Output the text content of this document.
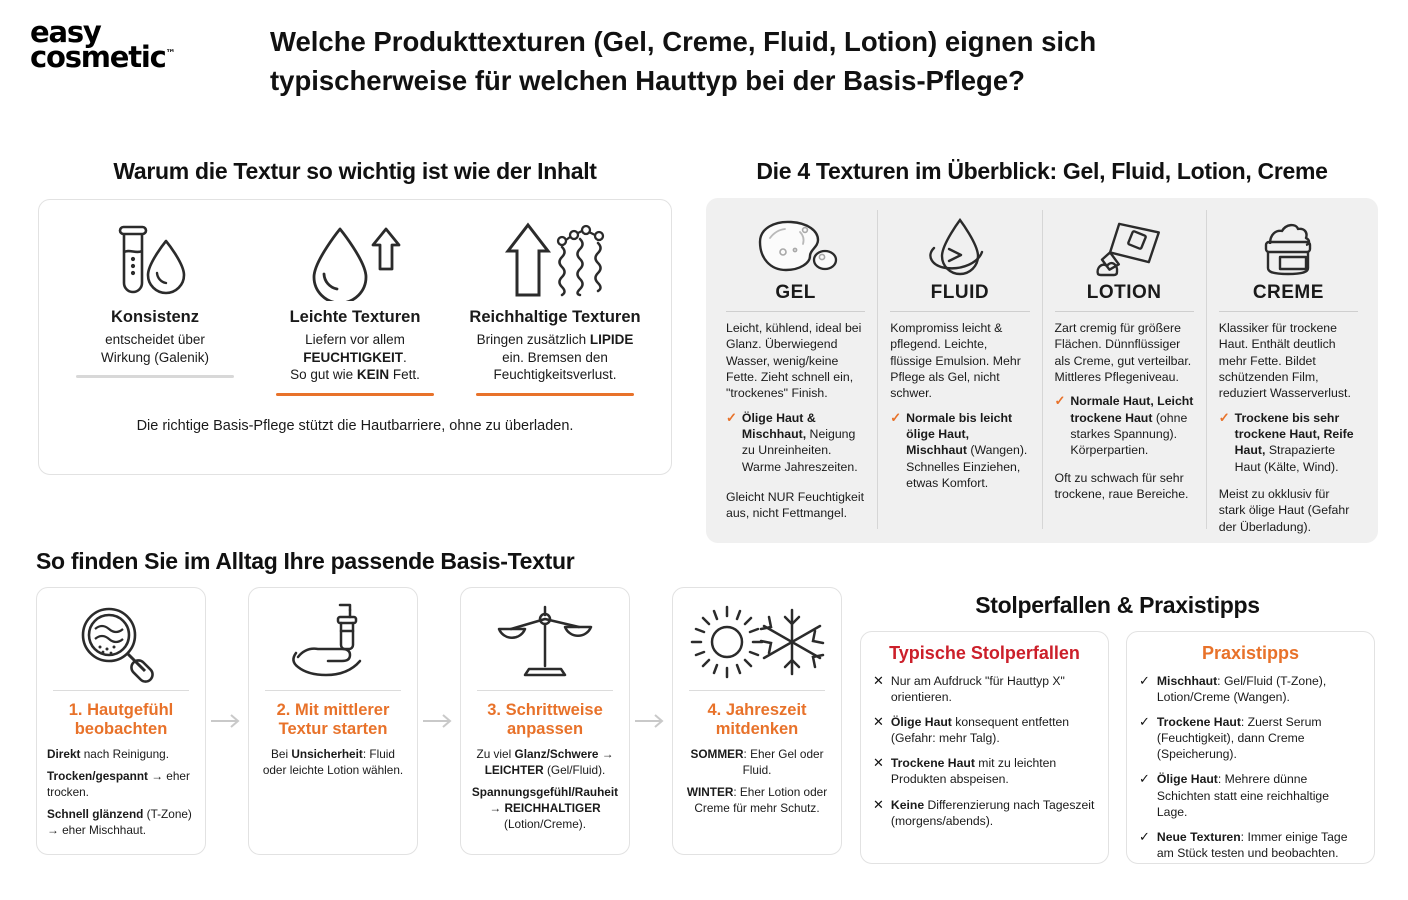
easy
cosmetic™	Welche Produkttexturen (Gel, Creme, Fluid, Lotion) eignen sich typischerweise für welchen Hauttyp bei der Basis-Pflege?
Warum die Textur so wichtig ist wie der Inhalt
Konsistenz
entscheidet über
Wirkung (Galenik)
Leichte Texturen
Liefern vor allem
FEUCHTIGKEIT.
So gut wie KEIN Fett.
Reichhaltige Texturen
Bringen zusätzlich LIPIDE
ein. Bremsen den
Feuchtigkeitsverlust.
Die richtige Basis-Pflege stützt die Hautbarriere, ohne zu überladen.
Die 4 Texturen im Überblick: Gel, Fluid, Lotion, Creme
GEL
Leicht, kühlend, ideal bei Glanz. Überwiegend Wasser, wenig/keine Fette. Zieht schnell ein, "trockenes" Finish.
✓ Ölige Haut & Mischhaut, Neigung zu Unreinheiten. Warme Jahreszeiten.
Gleicht NUR Feuchtigkeit aus, nicht Fettmangel.
FLUID
Kompromiss leicht & pflegend. Leichte, flüssige Emulsion. Mehr Pflege als Gel, nicht schwer.
✓ Normale bis leicht ölige Haut, Mischhaut (Wangen). Schnelles Einziehen, etwas Komfort.
LOTION
Zart cremig für größere Flächen. Dünnflüssiger als Creme, gut verteilbar. Mittleres Pflegeniveau.
✓ Normale Haut, Leicht trockene Haut (ohne starkes Spannung). Körperpartien.
Oft zu schwach für sehr trockene, raue Bereiche.
CREME
Klassiker für trockene Haut. Enthält deutlich mehr Fette. Bildet schützenden Film, reduziert Wasserverlust.
✓ Trockene bis sehr trockene Haut, Reife Haut, Strapazierte Haut (Kälte, Wind).
Meist zu okklusiv für stark ölige Haut (Gefahr der Überladung).
So finden Sie im Alltag Ihre passende Basis-Textur
1. Hautgefühl beobachten

Direkt nach Reinigung.

Trocken/gespannt → eher trocken.

Schnell glänzend (T-Zone) → eher Mischhaut.

2. Mit mittlerer Textur starten

Bei Unsicherheit: Fluid oder leichte Lotion wählen.

3. Schrittweise anpassen

Zu viel Glanz/Schwere → LEICHTER (Gel/Fluid).

Spannungsgefühl/Rauheit → REICHHALTIGER (Lotion/Creme).

4. Jahreszeit mitdenken

SOMMER: Eher Gel oder Fluid.

WINTER: Eher Lotion oder Creme für mehr Schutz.

Stolperfallen & Praxistipps
Typische Stolperfallen
✕ Nur am Aufdruck "für Hauttyp X" orientieren.
✕ Ölige Haut konsequent entfetten (Gefahr: mehr Talg).
✕ Trockene Haut mit zu leichten Produkten abspeisen.
✕ Keine Differenzierung nach Tageszeit (morgens/abends).
Praxistipps
✓ Mischhaut: Gel/Fluid (T-Zone), Lotion/Creme (Wangen).
✓ Trockene Haut: Zuerst Serum (Feuchtigkeit), dann Creme (Speicherung).
✓ Ölige Haut: Mehrere dünne Schichten statt eine reichhaltige Lage.
✓ Neue Texturen: Immer einige Tage am Stück testen und beobachten.
